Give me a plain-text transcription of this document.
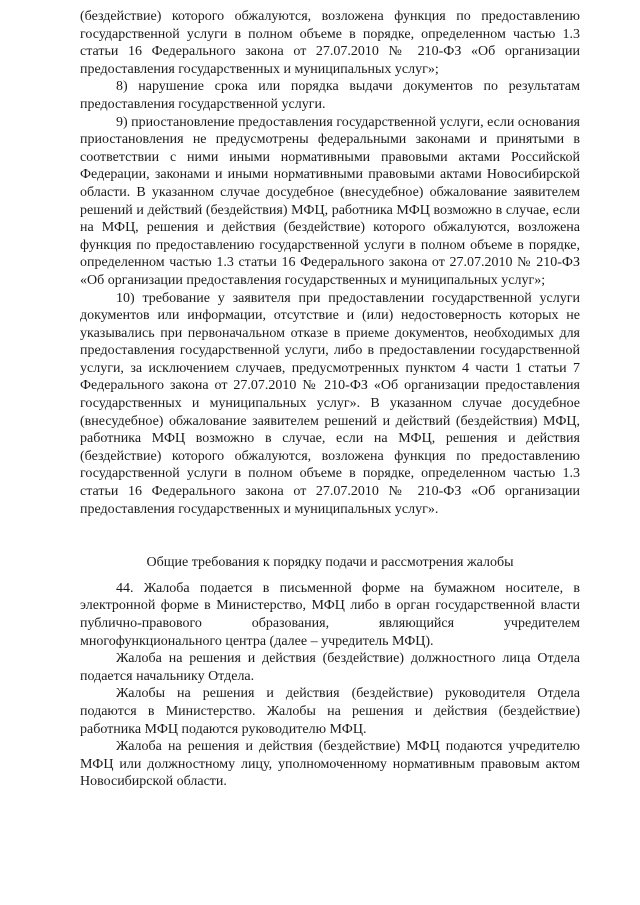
(бездействие) которого обжалуются, возложена функция по предоставлению государственной услуги в полном объеме в порядке, определенном частью 1.3 статьи 16 Федерального закона от 27.07.2010 № 210-ФЗ «Об организации предоставления государственных и муниципальных услуг»;

8) нарушение срока или порядка выдачи документов по результатам предоставления государственной услуги.

9) приостановление предоставления государственной услуги, если основания приостановления не предусмотрены федеральными законами и принятыми в соответствии с ними иными нормативными правовыми актами Российской Федерации, законами и иными нормативными правовыми актами Новосибирской области. В указанном случае досудебное (внесудебное) обжалование заявителем решений и действий (бездействия) МФЦ, работника МФЦ возможно в случае, если на МФЦ, решения и действия (бездействие) которого обжалуются, возложена функция по предоставлению государственной услуги в полном объеме в порядке, определенном частью 1.3 статьи 16 Федерального закона от 27.07.2010 № 210-ФЗ «Об организации предоставления государственных и муниципальных услуг»;

10) требование у заявителя при предоставлении государственной услуги документов или информации, отсутствие и (или) недостоверность которых не указывались при первоначальном отказе в приеме документов, необходимых для предоставления государственной услуги, либо в предоставлении государственной услуги, за исключением случаев, предусмотренных пунктом 4 части 1 статьи 7 Федерального закона от 27.07.2010 № 210-ФЗ «Об организации предоставления государственных и муниципальных услуг». В указанном случае досудебное (внесудебное) обжалование заявителем решений и действий (бездействия) МФЦ, работника МФЦ возможно в случае, если на МФЦ, решения и действия (бездействие) которого обжалуются, возложена функция по предоставлению государственной услуги в полном объеме в порядке, определенном частью 1.3 статьи 16 Федерального закона от 27.07.2010 № 210-ФЗ «Об организации предоставления государственных и муниципальных услуг».

Общие требования к порядку подачи и рассмотрения жалобы

44. Жалоба подается в письменной форме на бумажном носителе, в электронной форме в Министерство, МФЦ либо в орган государственной власти публично-правового образования, являющийся учредителем многофункционального центра (далее – учредитель МФЦ).

Жалоба на решения и действия (бездействие) должностного лица Отдела подается начальнику Отдела.

Жалобы на решения и действия (бездействие) руководителя Отдела подаются в Министерство. Жалобы на решения и действия (бездействие) работника МФЦ подаются руководителю МФЦ.

Жалоба на решения и действия (бездействие) МФЦ подаются учредителю МФЦ или должностному лицу, уполномоченному нормативным правовым актом Новосибирской области.
